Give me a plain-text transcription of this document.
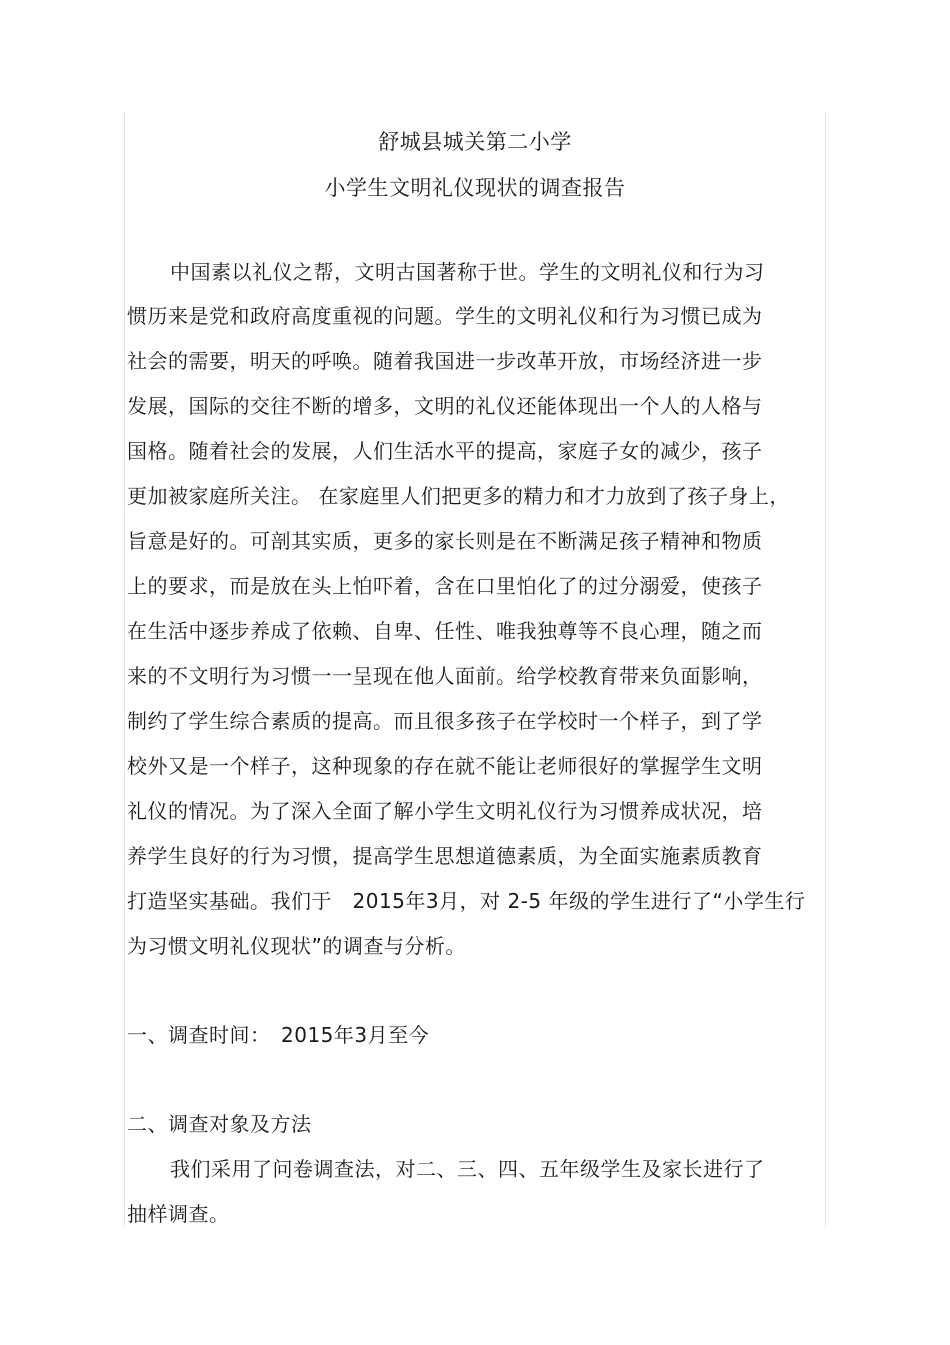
舒城县城关第二小学
小学生文明礼仪现状的调查报告
中国素以礼仪之帮，文明古国著称于世。学生的文明礼仪和行为习
惯历来是党和政府高度重视的问题。学生的文明礼仪和行为习惯已成为
社会的需要，明天的呼唤。随着我国进一步改革开放，市场经济进一步
发展，国际的交往不断的增多，文明的礼仪还能体现出一个人的人格与
国格。随着社会的发展，人们生活水平的提高，家庭子女的减少，孩子
更加被家庭所关注。 在家庭里人们把更多的精力和才力放到了孩子身上，
旨意是好的。可剖其实质，更多的家长则是在不断满足孩子精神和物质
上的要求，而是放在头上怕吓着，含在口里怕化了的过分溺爱，使孩子
在生活中逐步养成了依赖、自卑、任性、唯我独尊等不良心理，随之而
来的不文明行为习惯一一呈现在他人面前。给学校教育带来负面影响，
制约了学生综合素质的提高。而且很多孩子在学校时一个样子，到了学
校外又是一个样子，这种现象的存在就不能让老师很好的掌握学生文明
礼仪的情况。为了深入全面了解小学生文明礼仪行为习惯养成状况，培
养学生良好的行为习惯，提高学生思想道德素质，为全面实施素质教育
打造坚实基础。我们于　2015年3月，对 2-5 年级的学生进行了“小学生行
为习惯文明礼仪现状”的调查与分析。
一、调查时间：　2015年3月至今
二、调查对象及方法
我们采用了问卷调查法，对二、三、四、五年级学生及家长进行了
抽样调查。
